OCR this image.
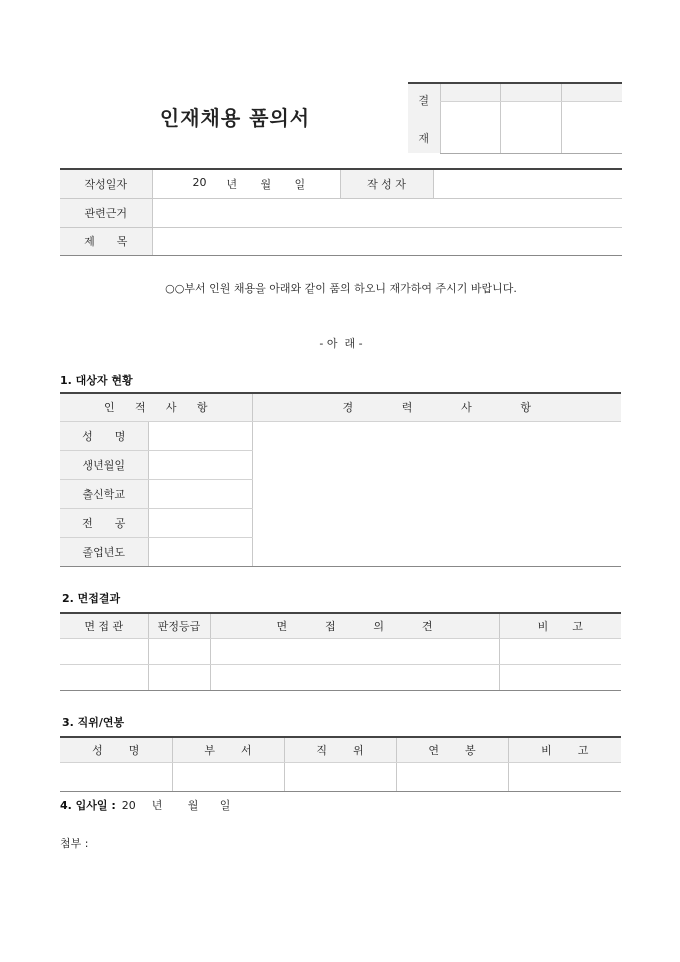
인재채용 품의서
결
재			

작성일자	20 년 월 일	작 성 자	
관련근거			

제 목			

○○부서 인원 채용을 아래와 같이 품의 하오니 재가하여 주시기 바랍니다.
- 아  래 -
1. 대상자 현황
인 적 사 항		경 력 사 항

성 명		

생년월일		
출신학교		

전 공		

졸업년도		
2. 면접결과
면 접 관	판정등급	면 접 의 견	비 고

3. 직위/연봉
성 명	부 서	직 위	연 봉	비 고

4. 입사일 : 20	년	월	일
첨부 :
